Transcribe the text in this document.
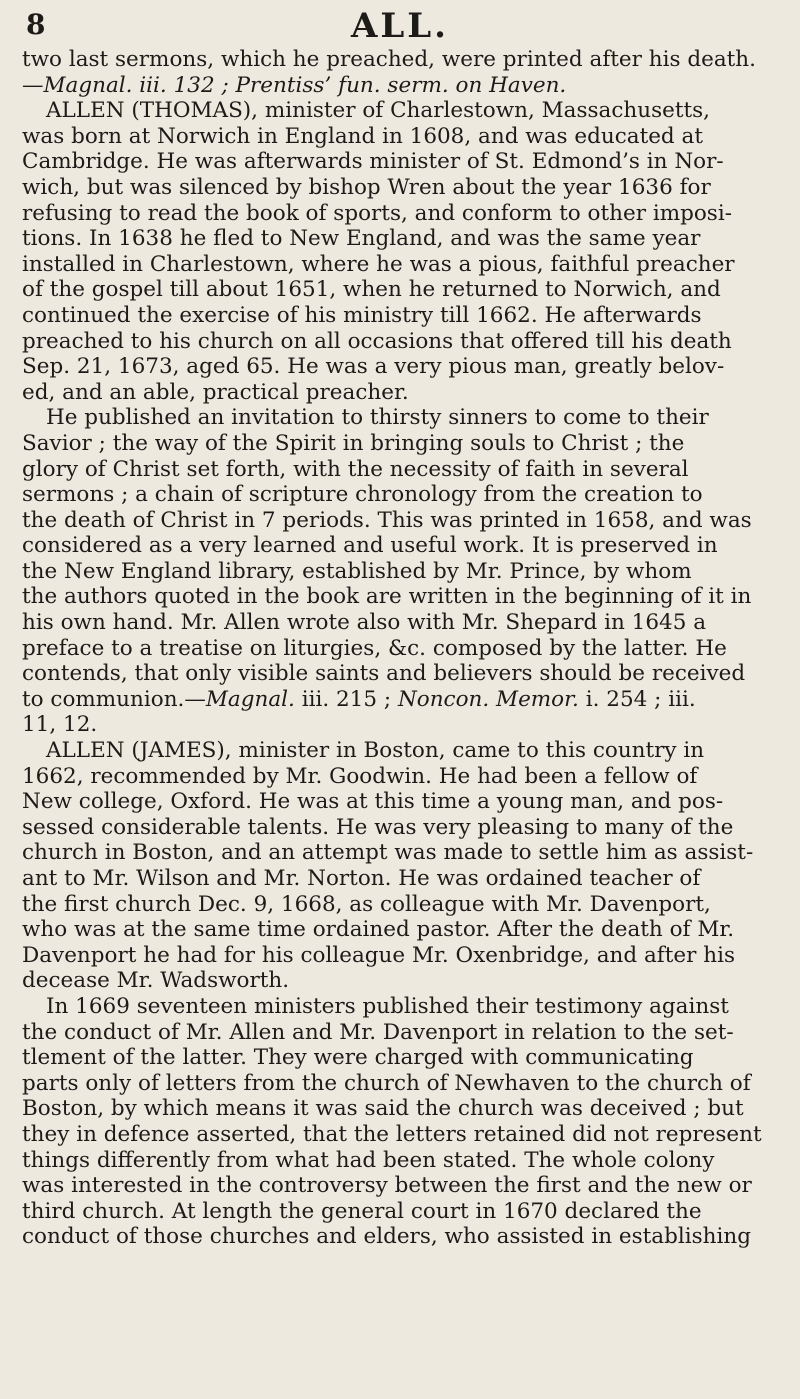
8	ALL.
two last sermons, which he preached, were printed after his death.
—Magnal. iii. 132 ; Prentiss’ fun. serm. on Haven.
ALLEN (THOMAS), minister of Charlestown, Massachusetts,
was born at Norwich in England in 1608, and was educated at
Cambridge. He was afterwards minister of St. Edmond’s in Nor-
wich, but was silenced by bishop Wren about the year 1636 for
refusing to read the book of sports, and conform to other imposi-
tions. In 1638 he fled to New England, and was the same year
installed in Charlestown, where he was a pious, faithful preacher
of the gospel till about 1651, when he returned to Norwich, and
continued the exercise of his ministry till 1662. He afterwards
preached to his church on all occasions that offered till his death
Sep. 21, 1673, aged 65. He was a very pious man, greatly belov-
ed, and an able, practical preacher.
He published an invitation to thirsty sinners to come to their
Savior ; the way of the Spirit in bringing souls to Christ ; the
glory of Christ set forth, with the necessity of faith in several
sermons ; a chain of scripture chronology from the creation to
the death of Christ in 7 periods. This was printed in 1658, and was
considered as a very learned and useful work. It is preserved in
the New England library, established by Mr. Prince, by whom
the authors quoted in the book are written in the beginning of it in
his own hand. Mr. Allen wrote also with Mr. Shepard in 1645 a
preface to a treatise on liturgies, &c. composed by the latter. He
contends, that only visible saints and believers should be received
to communion.—Magnal. iii. 215 ; Noncon. Memor. i. 254 ; iii.
11, 12.
ALLEN (JAMES), minister in Boston, came to this country in
1662, recommended by Mr. Goodwin. He had been a fellow of
New college, Oxford. He was at this time a young man, and pos-
sessed considerable talents. He was very pleasing to many of the
church in Boston, and an attempt was made to settle him as assist-
ant to Mr. Wilson and Mr. Norton. He was ordained teacher of
the first church Dec. 9, 1668, as colleague with Mr. Davenport,
who was at the same time ordained pastor. After the death of Mr.
Davenport he had for his colleague Mr. Oxenbridge, and after his
decease Mr. Wadsworth.
In 1669 seventeen ministers published their testimony against
the conduct of Mr. Allen and Mr. Davenport in relation to the set-
tlement of the latter. They were charged with communicating
parts only of letters from the church of Newhaven to the church of
Boston, by which means it was said the church was deceived ; but
they in defence asserted, that the letters retained did not represent
things differently from what had been stated. The whole colony
was interested in the controversy between the first and the new or
third church. At length the general court in 1670 declared the
conduct of those churches and elders, who assisted in establishing
